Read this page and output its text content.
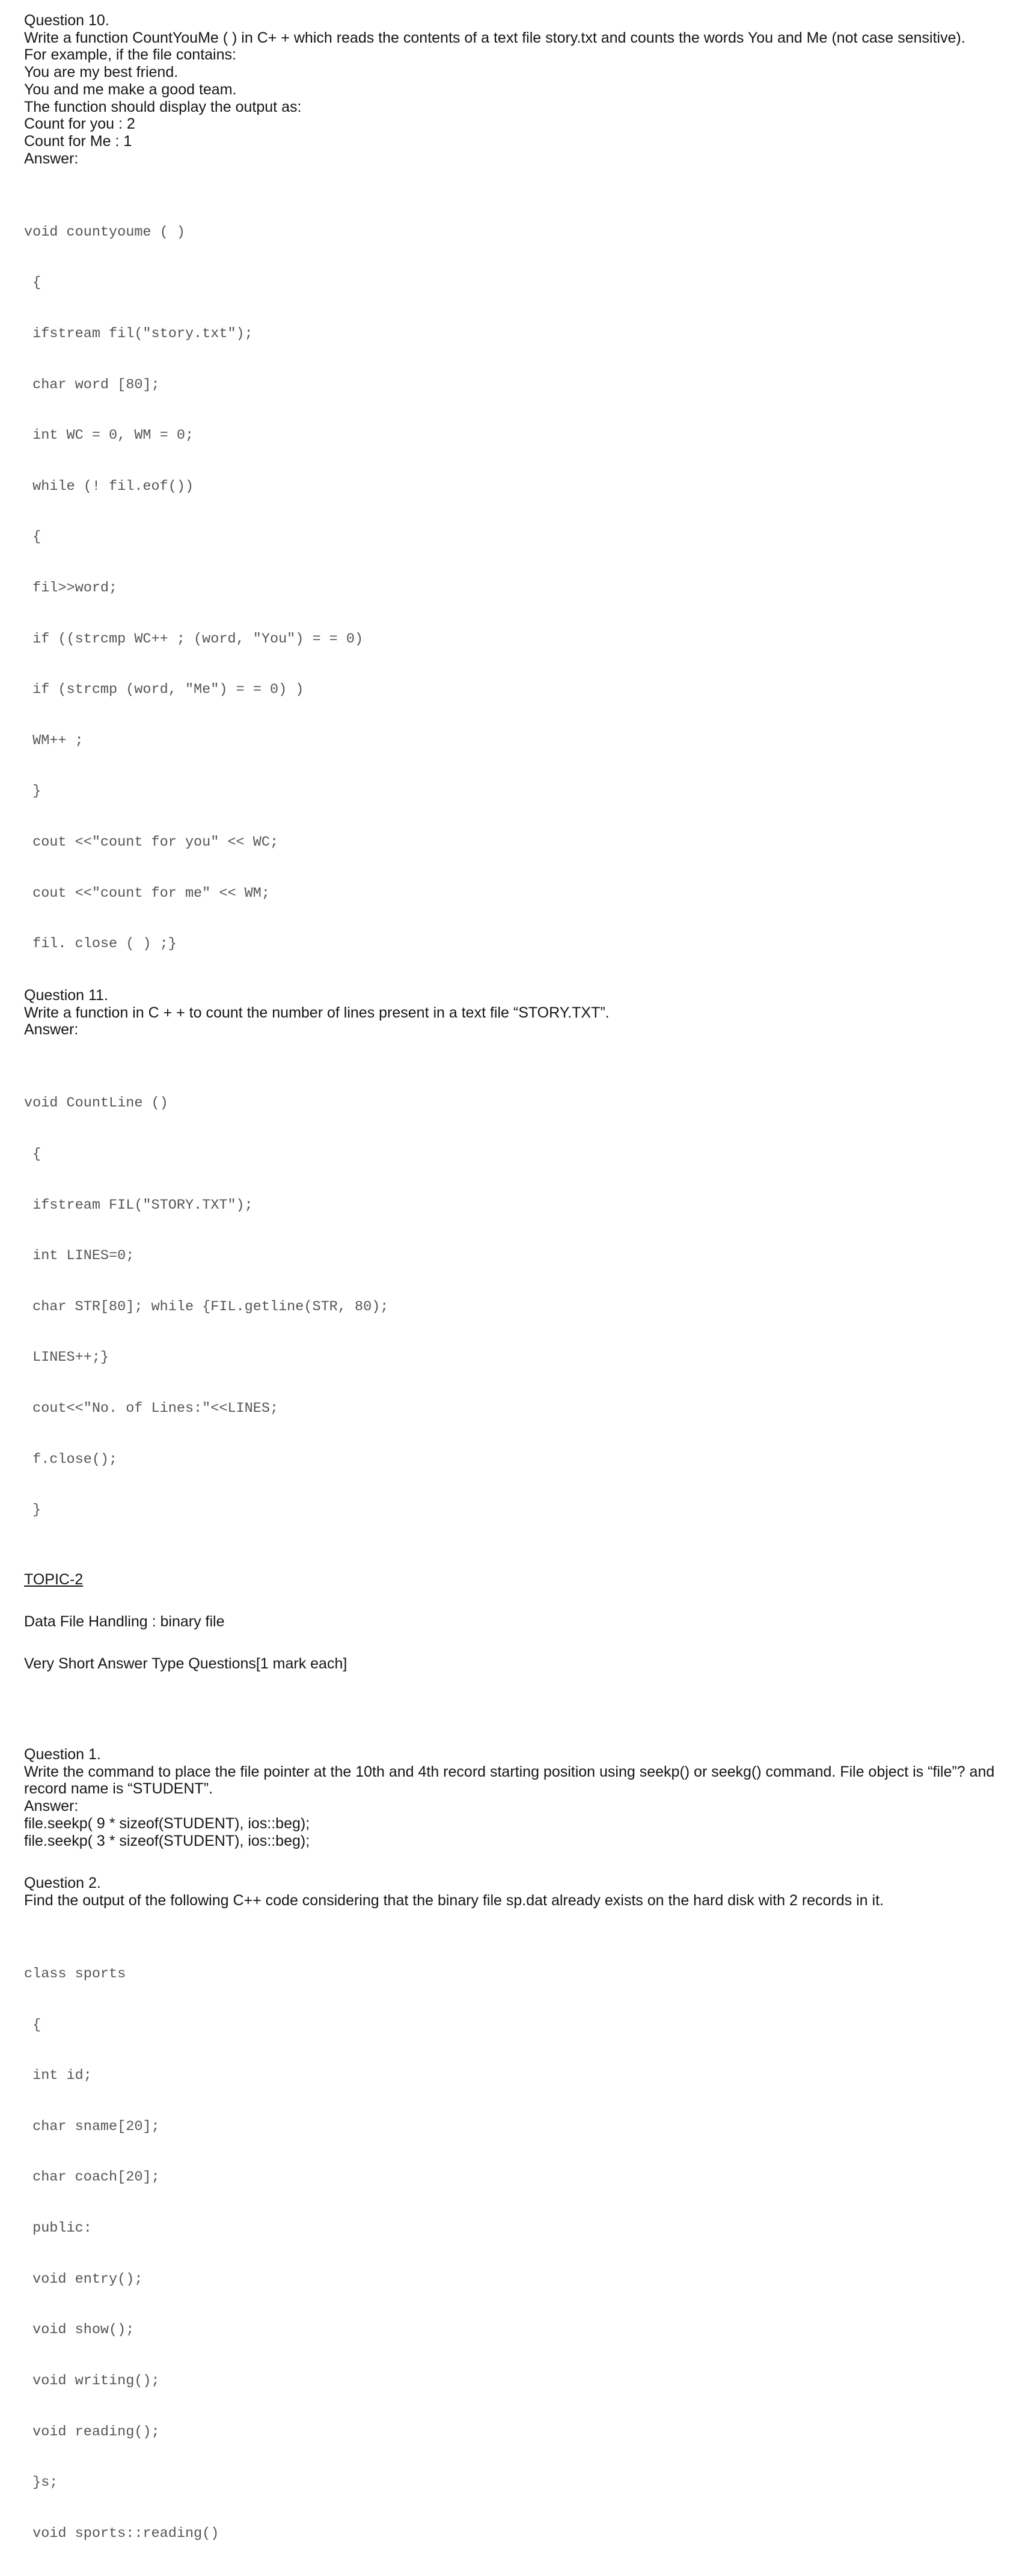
Question 10.
Write a function CountYouMe ( ) in C+ + which reads the contents of a text file story.txt and counts the words You and Me (not case sensitive).
For example, if the file contains:
You are my best friend.
You and me make a good team.
The function should display the output as:
Count for you : 2
Count for Me : 1
Answer:

void countyoume ( )

{

ifstream fil("story.txt");

char word [80];

int WC = 0, WM = 0;

while (! fil.eof())

{

fil>>word;

if ((strcmp WC++ ; (word, "You") = = 0)

if (strcmp (word, "Me") = = 0) )

WM++ ;

}

cout <<"count for you" << WC;

cout <<"count for me" << WM;

fil. close ( ) ;}

Question 11.
Write a function in C + + to count the number of lines present in a text file “STORY.TXT”.
Answer:

void CountLine ()

{

ifstream FIL("STORY.TXT");

int LINES=0;

char STR[80]; while {FIL.getline(STR, 80);

LINES++;}

cout<<"No. of Lines:"<<LINES;

f.close();

}

TOPIC-2
Data File Handling : binary file
Very Short Answer Type Questions[1 mark each]
Question 1.
Write the command to place the file pointer at the 10th and 4th record starting position using seekp() or seekg() command. File object is “file”? and
record name is “STUDENT”.
Answer:
file.seekp( 9 * sizeof(STUDENT), ios::beg);
file.seekp( 3 * sizeof(STUDENT), ios::beg);
Question 2.
Find the output of the following C++ code considering that the binary file sp.dat already exists on the hard disk with 2 records in it.

class sports

{

int id;

char sname[20];

char coach[20];

public:

void entry();

void show();

void writing();

void reading();

}s;

void sports::reading()
